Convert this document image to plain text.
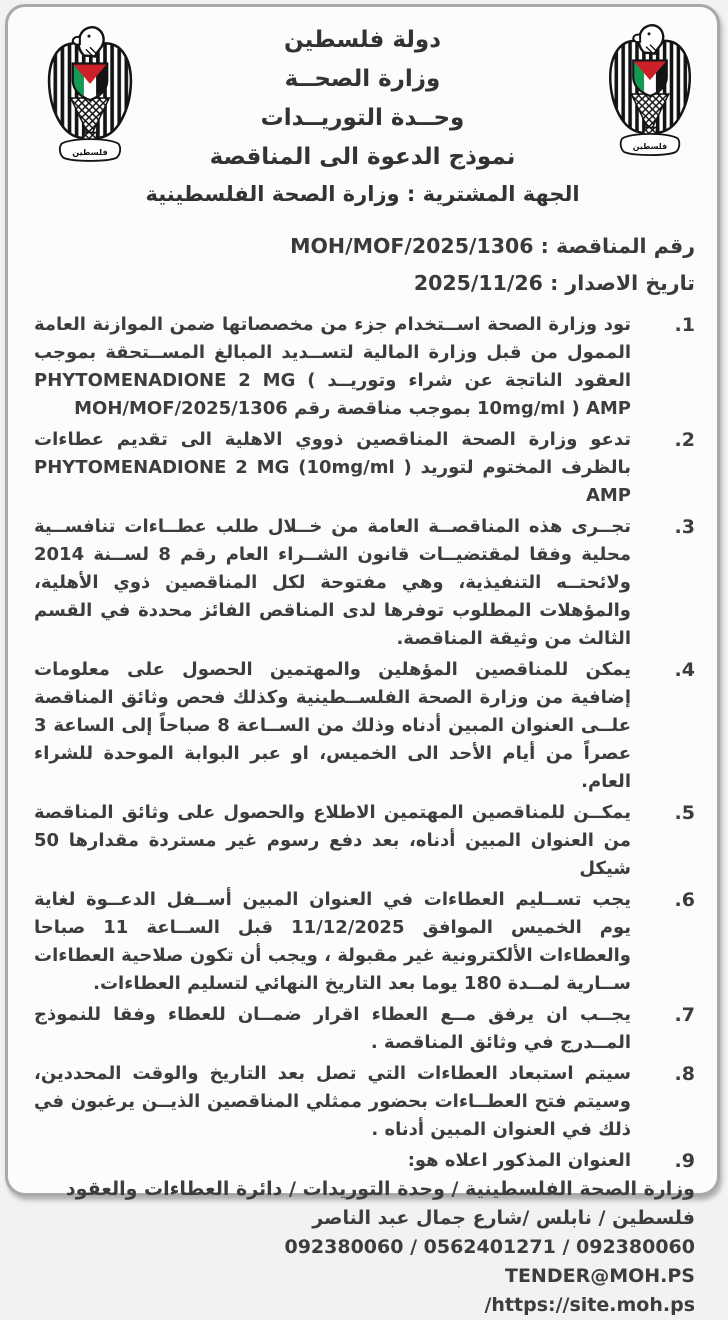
دولة فلسطين
وزارة الصحــة
وحــدة التوريــدات
نموذج الدعوة الى المناقصة
الجهة المشترية : وزارة الصحة الفلسطينية
رقم المناقصة : MOH/MOF/2025/1306
تاريخ الاصدار : 2025/11/26
1.
تود وزارة الصحة اســتخدام جزء من مخصصاتها ضمن الموازنة العامة الممول من قبل وزارة المالية لتســديد المبالغ المســتحقة بموجب العقود الناتجة عن شراء وتوريــد PHYTOMENADIONE 2 MG ( 10mg/ml ) AMP بموجب مناقصة رقم MOH/MOF/2025/1306
2.
تدعو وزارة الصحة المناقصين ذووي الاهلية الى تقديم عطاءات بالظرف المختوم لتوريد PHYTOMENADIONE 2 MG (10mg/ml ) AMP
3.
تجــرى هذه المناقصــة العامة من خــلال طلب عطــاءات تنافســية محلية وفقا لمقتضيــات قانون الشــراء العام رقم 8 لســنة 2014 ولائحتــه التنفيذية، وهي مفتوحة لكل المناقصين ذوي الأهلية، والمؤهلات المطلوب توفرها لدى المناقص الفائز محددة في القسم الثالث من وثيقة المناقصة.
4.
يمكن للمناقصين المؤهلين والمهتمين الحصول على معلومات إضافية من وزارة الصحة الفلســطينية وكذلك فحص وثائق المناقصة علــى العنوان المبين أدناه وذلك من الســاعة 8 صباحاً إلى الساعة 3 عصراً من أيام الأحد الى الخميس، او عبر البوابة الموحدة للشراء العام.
5.
يمكــن للمناقصين المهتمين الاطلاع والحصول على وثائق المناقصة من العنوان المبين أدناه، بعد دفع رسوم غير مستردة مقدارها 50 شيكل
6.
يجب تســليم العطاءات في العنوان المبين أســفل الدعــوة لغاية يوم الخميس الموافق 11/12/2025 قبل الســاعة 11 صباحا والعطاءات الألكترونية غير مقبولة ، ويجب أن تكون صلاحية العطاءات ســارية لمــدة 180 يوما بعد التاريخ النهائي لتسليم العطاءات.
7.
يجــب ان يرفق مــع العطاء اقرار ضمــان للعطاء وفقا للنموذج المــدرج في وثائق المناقصة .
8.
سيتم استبعاد العطاءات التي تصل بعد التاريخ والوقت المحددين، وسيتم فتح العطــاءات بحضور ممثلي المناقصين الذيــن يرغبون في ذلك في العنوان المبين أدناه .
9.
العنوان المذكور اعلاه هو:
وزارة الصحة الفلسطينية / وحدة التوريدات / دائرة العطاءات والعقود
فلسطين / نابلس /شارع جمال عبد الناصر
092380060 / 0562401271 / 092380060
TENDER@MOH.PS
https://site.moh.ps/
